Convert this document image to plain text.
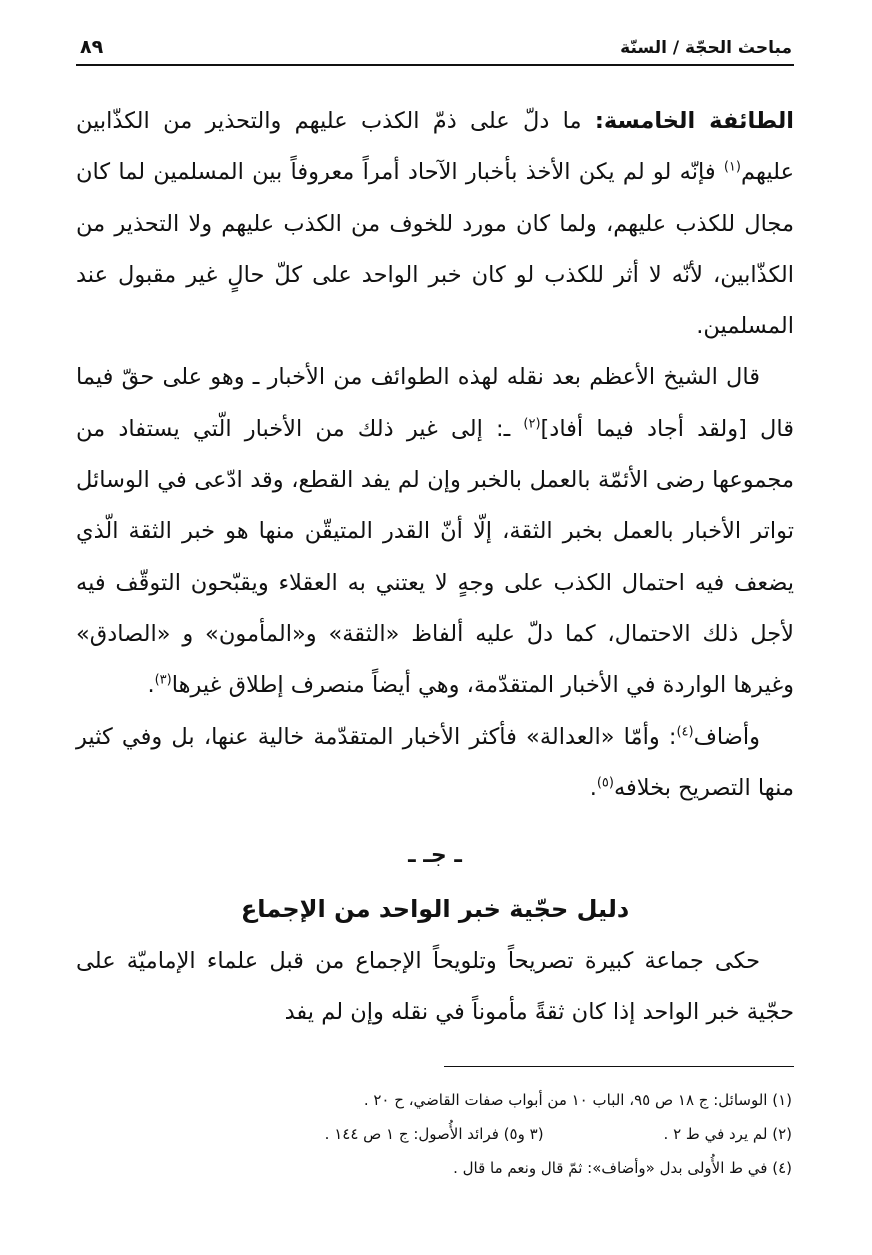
مباحث الحجّة / السنّة
٨٩

الطائفة الخامسة: ما دلّ على ذمّ الكذب عليهم والتحذير من الكذّابين عليهم$^{(١)}$ فإنّه لو لم يكن الأخذ بأخبار الآحاد أمراً معروفاً بين المسلمين لما كان مجال للكذب عليهم، ولما كان مورد للخوف من الكذب عليهم ولا التحذير من الكذّابين، لأنّه لا أثر للكذب لو كان خبر الواحد على كلّ حالٍ غير مقبول عند المسلمين.

قال الشيخ الأعظم بعد نقله لهذه الطوائف من الأخبار ـ وهو على حقّ فيما قال [ولقد أجاد فيما أفاد]$^{(٢)}$ ـ: إلى غير ذلك من الأخبار الّتي يستفاد من مجموعها رضى الأئمّة بالعمل بالخبر وإن لم يفد القطع، وقد ادّعى في الوسائل تواتر الأخبار بالعمل بخبر الثقة، إلّا أنّ القدر المتيقّن منها هو خبر الثقة الّذي يضعف فيه احتمال الكذب على وجهٍ لا يعتني به العقلاء ويقبّحون التوقّف فيه لأجل ذلك الاحتمال، كما دلّ عليه ألفاظ «الثقة» و«المأمون» و «الصادق» وغيرها الواردة في الأخبار المتقدّمة، وهي أيضاً منصرف إطلاق غيرها$^{(٣)}$.

وأضاف$^{(٤)}$: وأمّا «العدالة» فأكثر الأخبار المتقدّمة خالية عنها، بل وفي كثير منها التصريح بخلافه$^{(٥)}$.

ـ جـ ـ
دليل حجّية خبر الواحد من الإجماع

حكى جماعة كبيرة تصريحاً وتلويحاً الإجماع من قبل علماء الإماميّة على حجّية خبر الواحد إذا كان ثقةً مأموناً في نقله وإن لم يفد

(١) الوسائل: ج ١٨ ص ٩٥، الباب ١٠ من أبواب صفات القاضي، ح ٢٠ .
(٢) لم يرد في ط ٢ .(٣ و٥) فرائد الأُصول: ج ١ ص ١٤٤ .
(٤) في ط الأُولى بدل «وأضاف»: ثمّ قال ونعم ما قال .
